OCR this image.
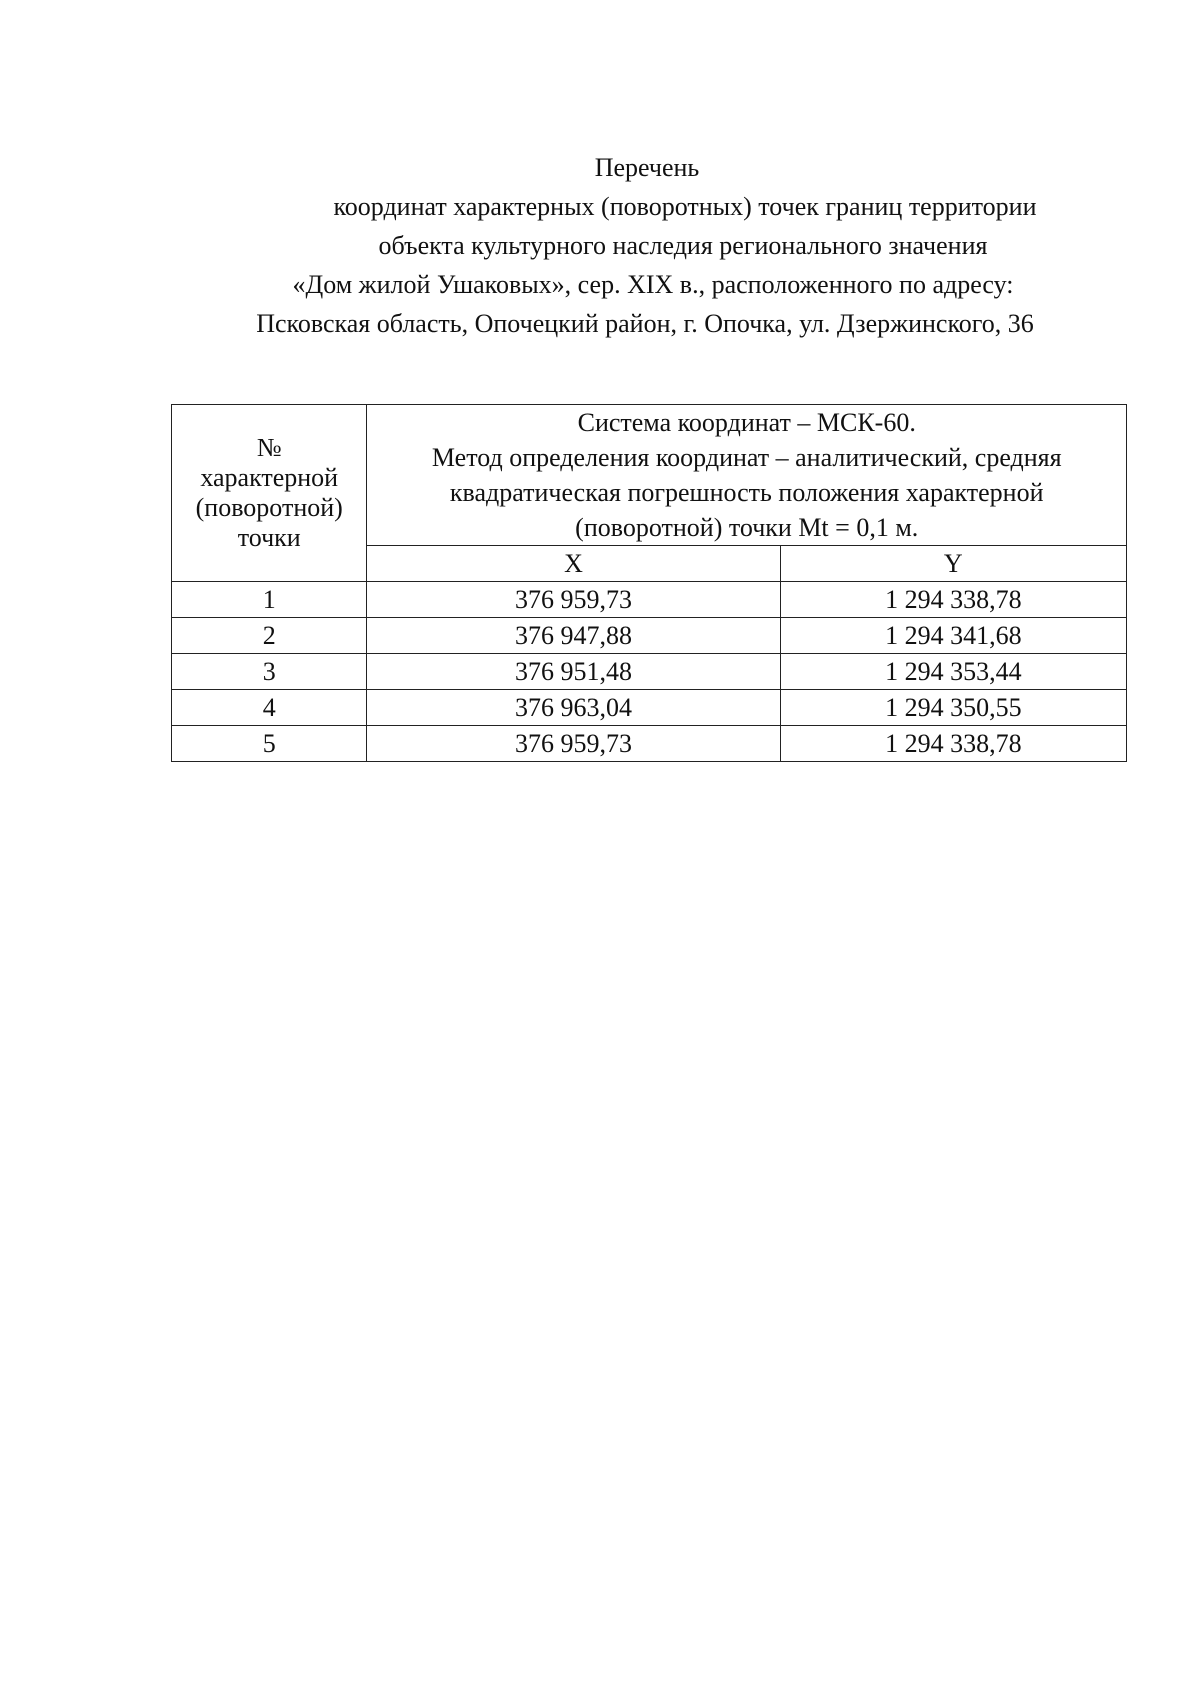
Перечень
координат характерных (поворотных) точек границ территории
объекта культурного наследия регионального значения
«Дом жилой Ушаковых», сер. XIX в., расположенного по адресу:
Псковская область, Опочецкий район, г. Опочка, ул. Дзержинского, 36
№
характерной
(поворотной)
точки	Система координат – МСК-60.
Метод определения координат – аналитический, средняя
квадратическая погрешность положения характерной
(поворотной) точки Mt = 0,1 м.	

	X	Y
1	376 959,73	1 294 338,78
2	376 947,88	1 294 341,68
3	376 951,48	1 294 353,44
4	376 963,04	1 294 350,55
5	376 959,73	1 294 338,78
